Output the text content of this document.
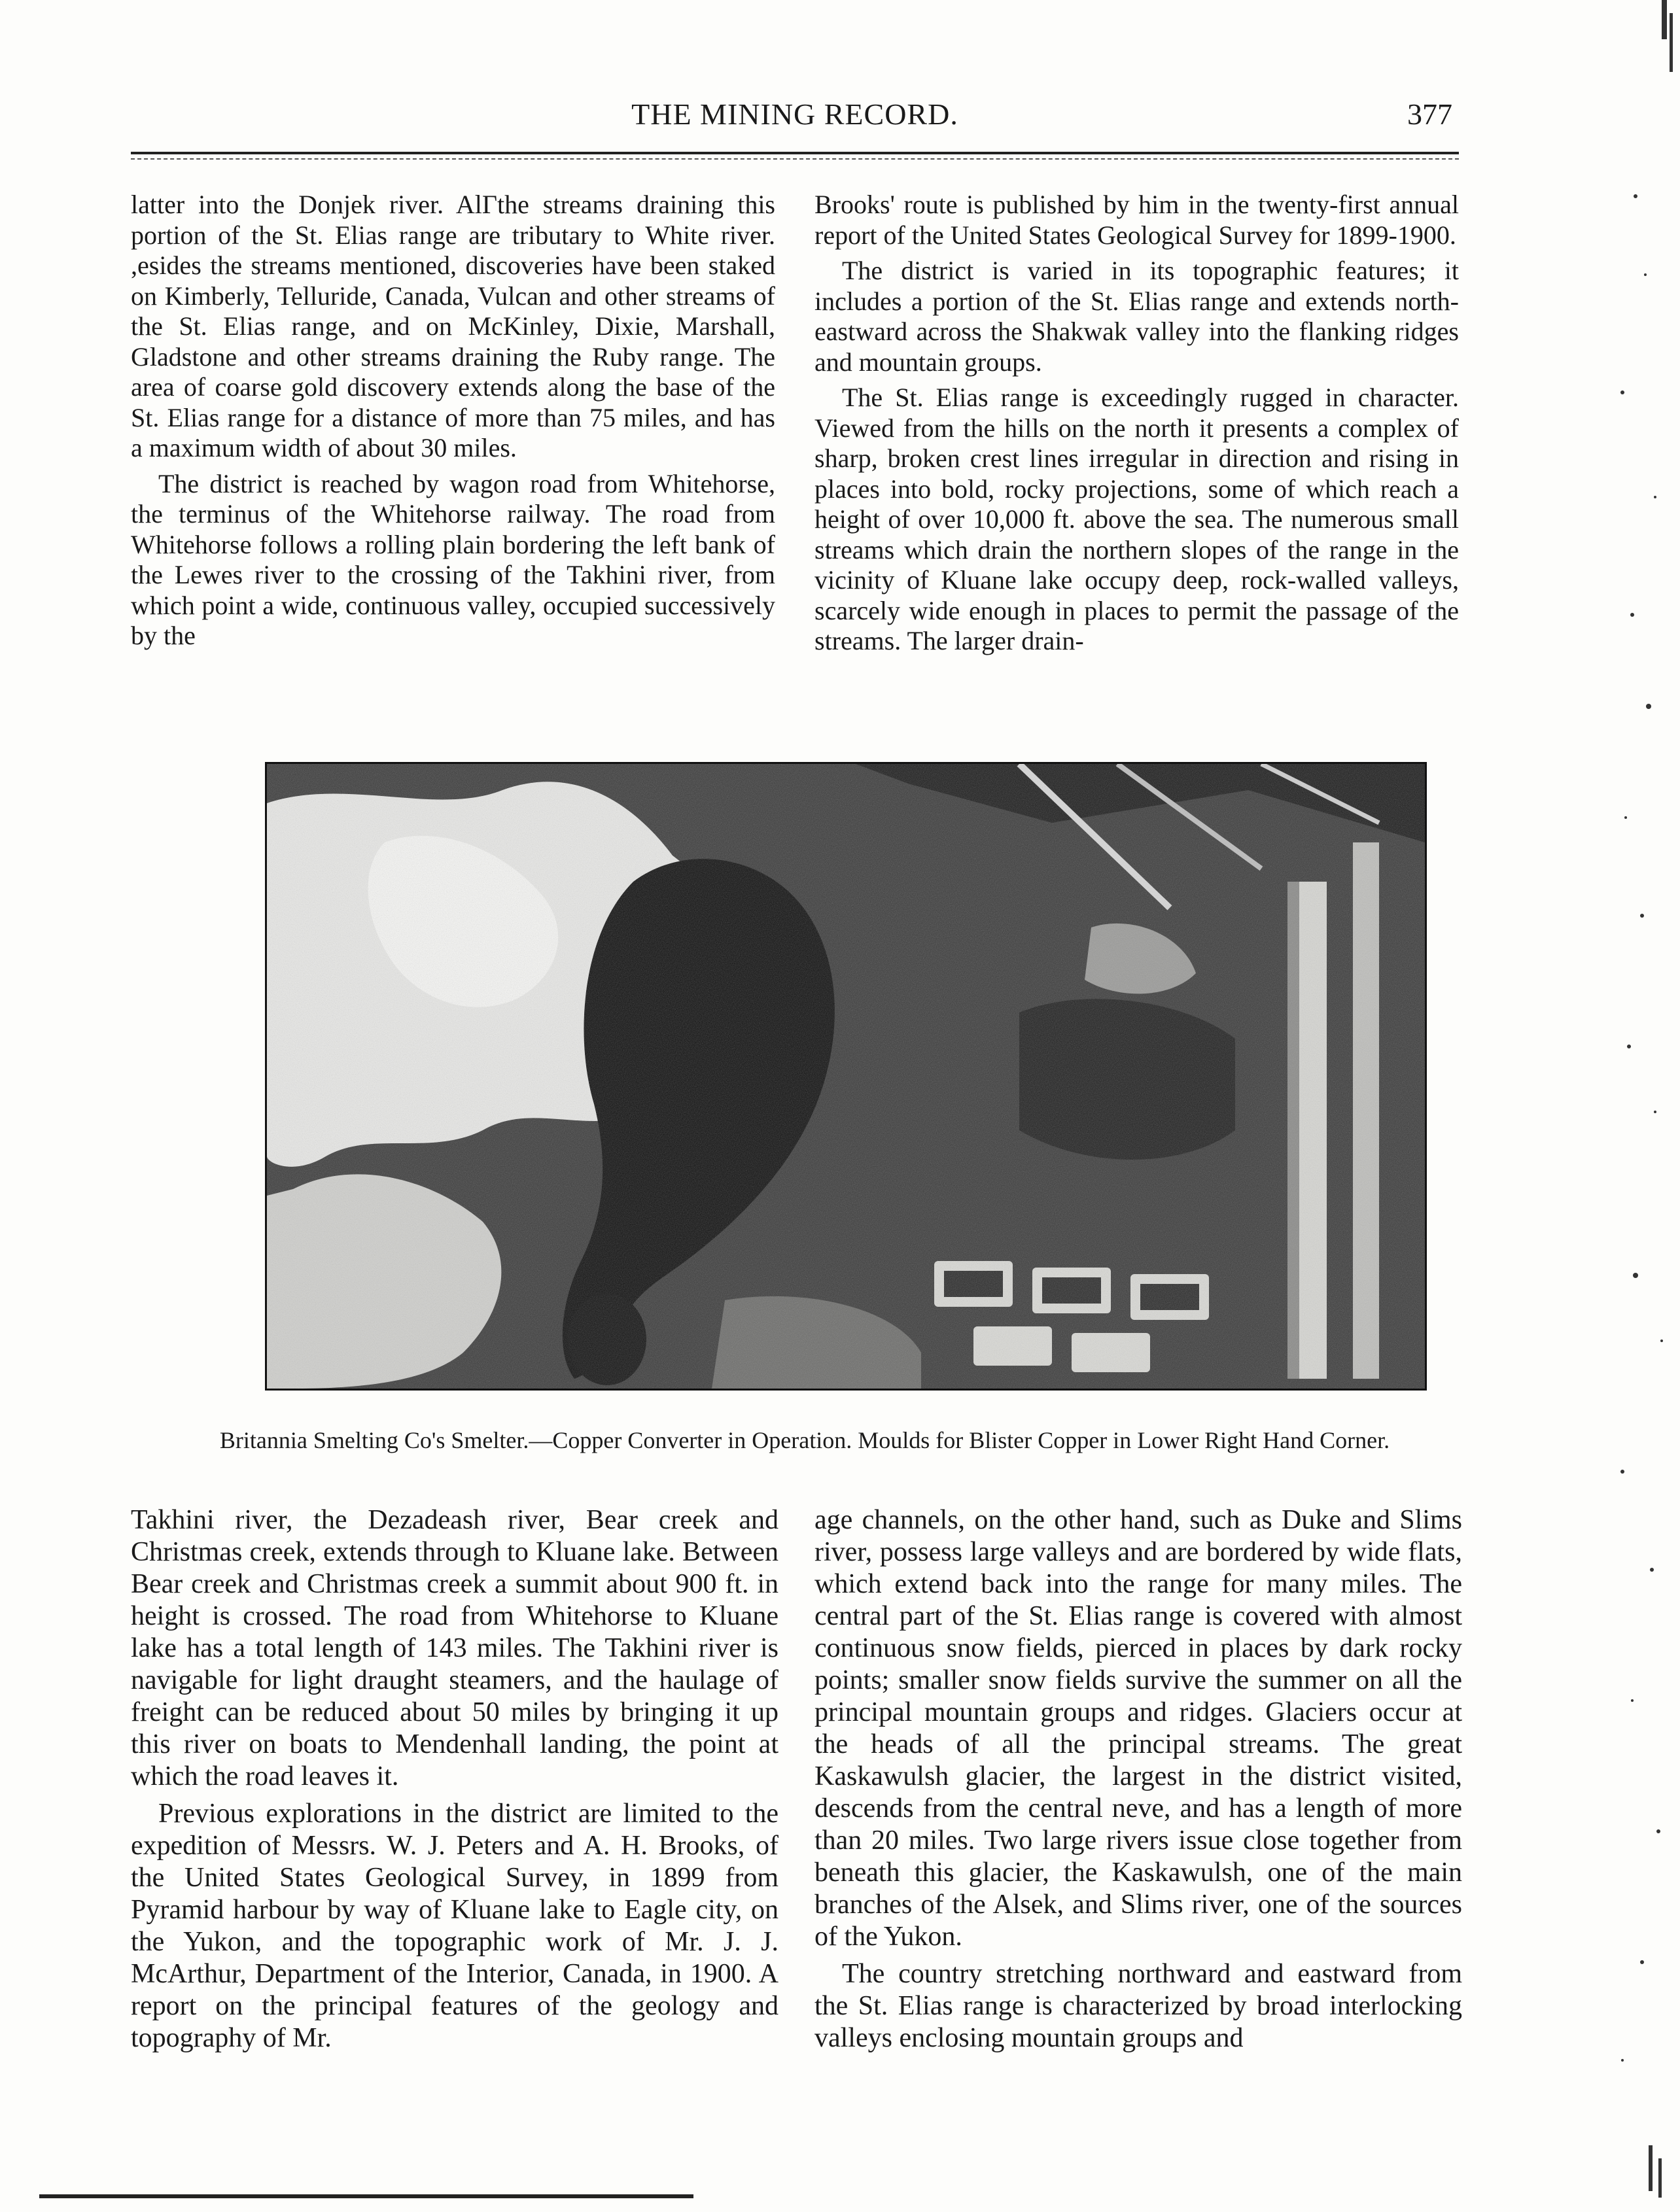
THE MINING RECORD.	377

latter into the Donjek river. AlΓthe streams draining this portion of the St. Elias range are tributary to White river. ,esides the streams mentioned, discoveries have been staked on Kimberly, Telluride, Canada, Vulcan and other streams of the St. Elias range, and on McKinley, Dixie, Marshall, Gladstone and other streams draining the Ruby range. The area of coarse gold discovery extends along the base of the St. Elias range for a distance of more than 75 miles, and has a maximum width of about 30 miles.

The district is reached by wagon road from Whitehorse, the terminus of the Whitehorse railway. The road from Whitehorse follows a rolling plain bordering the left bank of the Lewes river to the crossing of the Takhini river, from which point a wide, continuous valley, occupied successively by the

Brooks' route is published by him in the twenty-first annual report of the United States Geological Survey for 1899-1900.

The district is varied in its topographic features; it includes a portion of the St. Elias range and extends north-eastward across the Shakwak valley into the flanking ridges and mountain groups.

The St. Elias range is exceedingly rugged in character. Viewed from the hills on the north it presents a complex of sharp, broken crest lines irregular in direction and rising in places into bold, rocky projections, some of which reach a height of over 10,000 ft. above the sea. The numerous small streams which drain the northern slopes of the range in the vicinity of Kluane lake occupy deep, rock-walled valleys, scarcely wide enough in places to permit the passage of the streams. The larger drain-

Britannia Smelting Co's Smelter.—Copper Converter in Operation. Moulds for Blister Copper in Lower Right Hand Corner.

Takhini river, the Dezadeash river, Bear creek and Christmas creek, extends through to Kluane lake. Between Bear creek and Christmas creek a summit about 900 ft. in height is crossed. The road from Whitehorse to Kluane lake has a total length of 143 miles. The Takhini river is navigable for light draught steamers, and the haulage of freight can be reduced about 50 miles by bringing it up this river on boats to Mendenhall landing, the point at which the road leaves it.

Previous explorations in the district are limited to the expedition of Messrs. W. J. Peters and A. H. Brooks, of the United States Geological Survey, in 1899 from Pyramid harbour by way of Kluane lake to Eagle city, on the Yukon, and the topographic work of Mr. J. J. McArthur, Department of the Interior, Canada, in 1900. A report on the principal features of the geology and topography of Mr.

age channels, on the other hand, such as Duke and Slims river, possess large valleys and are bordered by wide flats, which extend back into the range for many miles. The central part of the St. Elias range is covered with almost continuous snow fields, pierced in places by dark rocky points; smaller snow fields survive the summer on all the principal mountain groups and ridges. Glaciers occur at the heads of all the principal streams. The great Kaskawulsh glacier, the largest in the district visited, descends from the central neve, and has a length of more than 20 miles. Two large rivers issue close together from beneath this glacier, the Kaskawulsh, one of the main branches of the Alsek, and Slims river, one of the sources of the Yukon.

The country stretching northward and eastward from the St. Elias range is characterized by broad interlocking valleys enclosing mountain groups and
